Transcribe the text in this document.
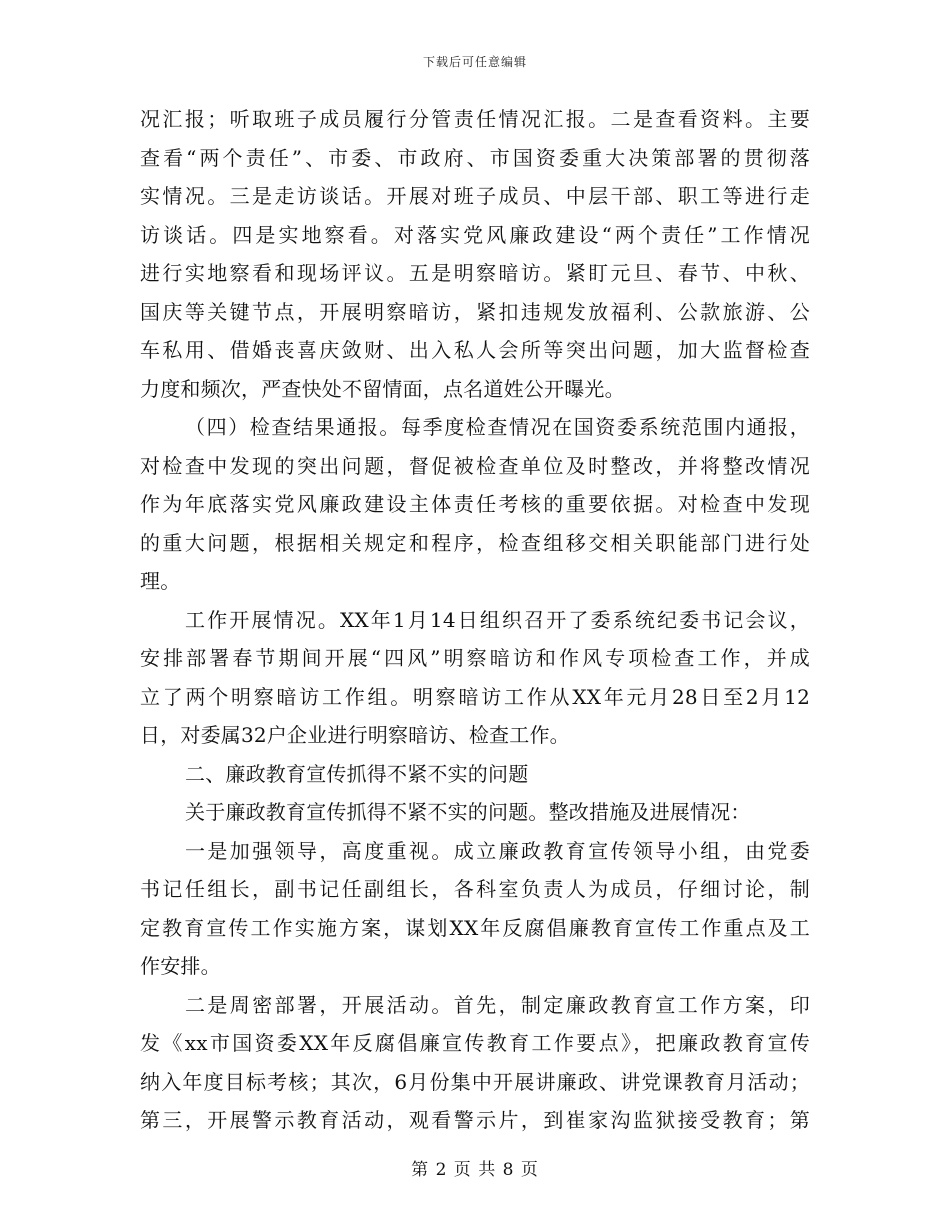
下载后可任意编辑
况汇报；听取班子成员履行分管责任情况汇报。二是查看资料。主要
查看“两个责任”、市委、市政府、市国资委重大决策部署的贯彻落
实情况。三是走访谈话。开展对班子成员、中层干部、职工等进行走
访谈话。四是实地察看。对落实党风廉政建设“两个责任”工作情况
进行实地察看和现场评议。五是明察暗访。紧盯元旦、春节、中秋、
国庆等关键节点，开展明察暗访，紧扣违规发放福利、公款旅游、公
车私用、借婚丧喜庆敛财、出入私人会所等突出问题，加大监督检查
力度和频次，严查快处不留情面，点名道姓公开曝光。
（四）检查结果通报。每季度检查情况在国资委系统范围内通报，
对检查中发现的突出问题，督促被检查单位及时整改，并将整改情况
作为年底落实党风廉政建设主体责任考核的重要依据。对检查中发现
的重大问题，根据相关规定和程序，检查组移交相关职能部门进行处
理。
工作开展情况。XX年1月14日组织召开了委系统纪委书记会议，
安排部署春节期间开展“四风”明察暗访和作风专项检查工作，并成
立了两个明察暗访工作组。明察暗访工作从XX年元月28日至2月12
日，对委属32户企业进行明察暗访、检查工作。
二、廉政教育宣传抓得不紧不实的问题
关于廉政教育宣传抓得不紧不实的问题。整改措施及进展情况：
一是加强领导，高度重视。成立廉政教育宣传领导小组，由党委
书记任组长，副书记任副组长，各科室负责人为成员，仔细讨论，制
定教育宣传工作实施方案，谋划XX年反腐倡廉教育宣传工作重点及工
作安排。
二是周密部署，开展活动。首先，制定廉政教育宣工作方案，印
发《xx市国资委XX年反腐倡廉宣传教育工作要点》，把廉政教育宣传
纳入年度目标考核；其次，6月份集中开展讲廉政、讲党课教育月活动；
第三，开展警示教育活动，观看警示片，到崔家沟监狱接受教育；第
第 2 页 共 8 页
